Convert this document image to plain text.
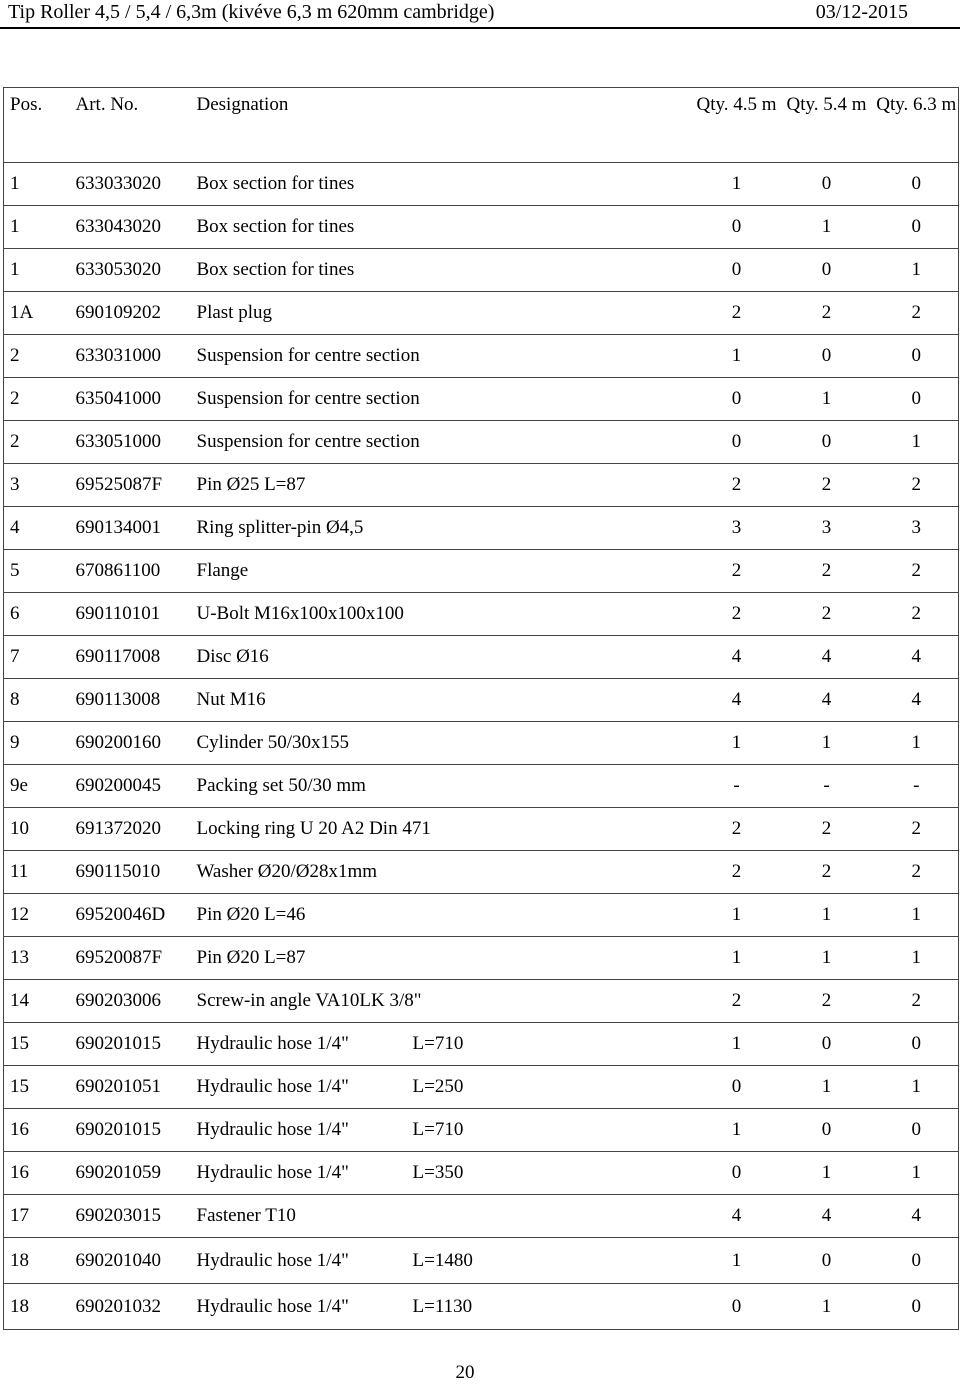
Tip Roller 4,5 / 5,4 / 6,3m (kivéve 6,3 m 620mm cambridge)	03/12-2015
Pos.	Art. No.	Designation	Qty. 4.5 m	Qty. 5.4 m	Qty. 6.3 m
1	633033020	Box section for tines	1	0	0
1	633043020	Box section for tines	0	1	0
1	633053020	Box section for tines	0	0	1
1A	690109202	Plast plug	2	2	2
2	633031000	Suspension for centre section	1	0	0
2	635041000	Suspension for centre section	0	1	0
2	633051000	Suspension for centre section	0	0	1
3	69525087F	Pin Ø25 L=87	2	2	2
4	690134001	Ring splitter-pin Ø4,5	3	3	3
5	670861100	Flange	2	2	2
6	690110101	U-Bolt M16x100x100x100	2	2	2
7	690117008	Disc Ø16	4	4	4
8	690113008	Nut M16	4	4	4
9	690200160	Cylinder 50/30x155	1	1	1
9e	690200045	Packing set 50/30 mm	-	-	-
10	691372020	Locking ring U 20 A2 Din 471	2	2	2
11	690115010	Washer Ø20/Ø28x1mm	2	2	2
12	69520046D	Pin Ø20 L=46	1	1	1
13	69520087F	Pin Ø20 L=87	1	1	1
14	690203006	Screw-in angle VA10LK 3/8"	2	2	2
15	690201015	Hydraulic hose 1/4" L=710	1	0	0
15	690201051	Hydraulic hose 1/4" L=250	0	1	1
16	690201015	Hydraulic hose 1/4" L=710	1	0	0
16	690201059	Hydraulic hose 1/4" L=350	0	1	1
17	690203015	Fastener T10	4	4	4
18	690201040	Hydraulic hose 1/4" L=1480	1	0	0
18	690201032	Hydraulic hose 1/4" L=1130	0	1	0
20
